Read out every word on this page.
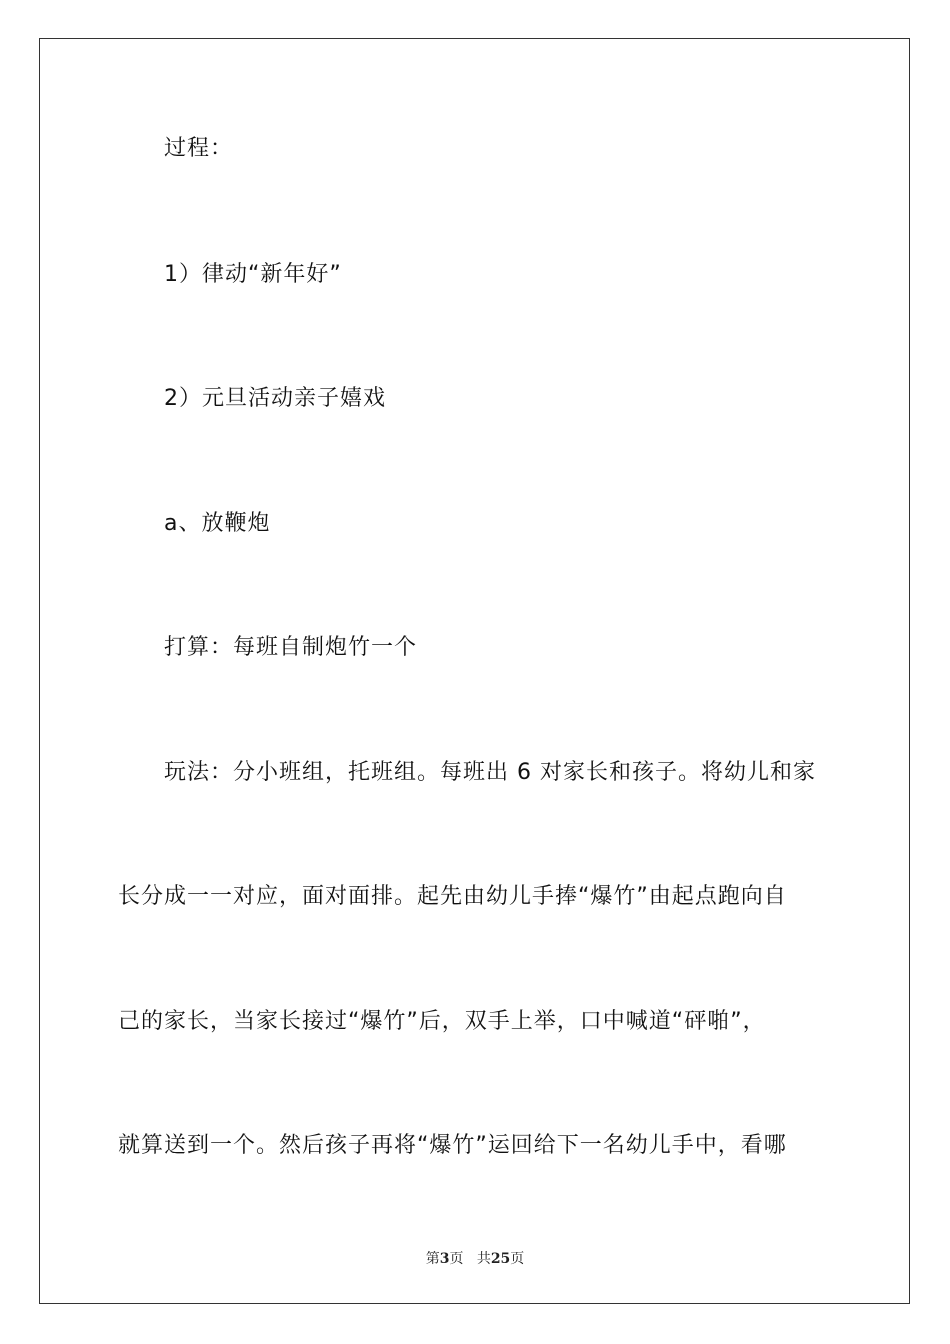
过程：
1）律动“新年好”
2）元旦活动亲子嬉戏
a、放鞭炮
打算：每班自制炮竹一个
玩法：分小班组，托班组。每班出 6 对家长和孩子。将幼儿和家
长分成一一对应，面对面排。起先由幼儿手捧“爆竹”由起点跑向自
己的家长，当家长接过“爆竹”后，双手上举，口中喊道“砰啪”，
就算送到一个。然后孩子再将“爆竹”运回给下一名幼儿手中，看哪
第3页 共25页
